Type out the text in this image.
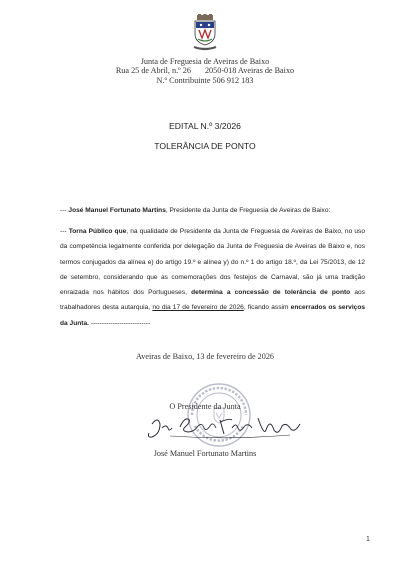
Junta de Freguesia de Aveiras de Baixo
Rua 25 de Abril, n.º 26 2050-018 Aveiras de Baixo
N.º Contribuinte 506 912 183
EDITAL N.º 3/2026
TOLERÂNCIA DE PONTO
--- José Manuel Fortunato Martins, Presidente da Junta de Freguesia de Aveiras de Baixo:
--- Torna Público que, na qualidade de Presidente da Junta de Freguesia de Aveiras de Baixo, no uso da competência legalmente conferida por delegação da Junta de Freguesia de Aveiras de Baixo e, nos termos conjugados da alínea e) do artigo 19.º e alínea y) do n.º 1 do artigo 18.º, da Lei 75/2013, de 12 de setembro, considerando que as comemorações dos festejos de Carnaval, são já uma tradição enraizada nos hábitos dos Portugueses, determina a concessão de tolerância de ponto aos trabalhadores desta autarquia, no dia 17 de fevereiro de 2026, ficando assim encerrados os serviços da Junta. ---------------------------
Aveiras de Baixo, 13 de fevereiro de 2026
O Presidente da Junta
José Manuel Fortunato Martins
1
